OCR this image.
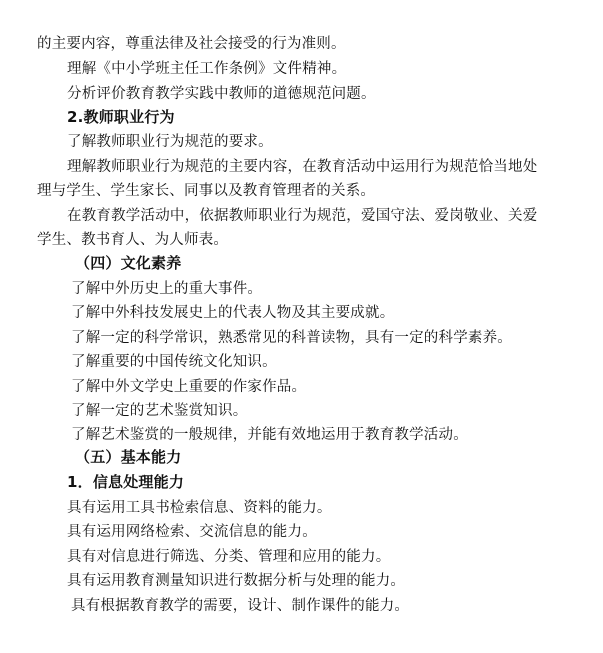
的主要内容，尊重法律及社会接受的行为准则。
理解《中小学班主任工作条例》文件精神。
分析评价教育教学实践中教师的道德规范问题。
2.教师职业行为
了解教师职业行为规范的要求。
理解教师职业行为规范的主要内容，在教育活动中运用行为规范恰当地处
理与学生、学生家长、同事以及教育管理者的关系。
在教育教学活动中，依据教师职业行为规范，爱国守法、爱岗敬业、关爱
学生、教书育人、为人师表。
（四）文化素养
了解中外历史上的重大事件。
了解中外科技发展史上的代表人物及其主要成就。
了解一定的科学常识，熟悉常见的科普读物，具有一定的科学素养。
了解重要的中国传统文化知识。
了解中外文学史上重要的作家作品。
了解一定的艺术鉴赏知识。
了解艺术鉴赏的一般规律，并能有效地运用于教育教学活动。
（五）基本能力
1．信息处理能力
具有运用工具书检索信息、资料的能力。
具有运用网络检索、交流信息的能力。
具有对信息进行筛选、分类、管理和应用的能力。
具有运用教育测量知识进行数据分析与处理的能力。
具有根据教育教学的需要，设计、制作课件的能力。
